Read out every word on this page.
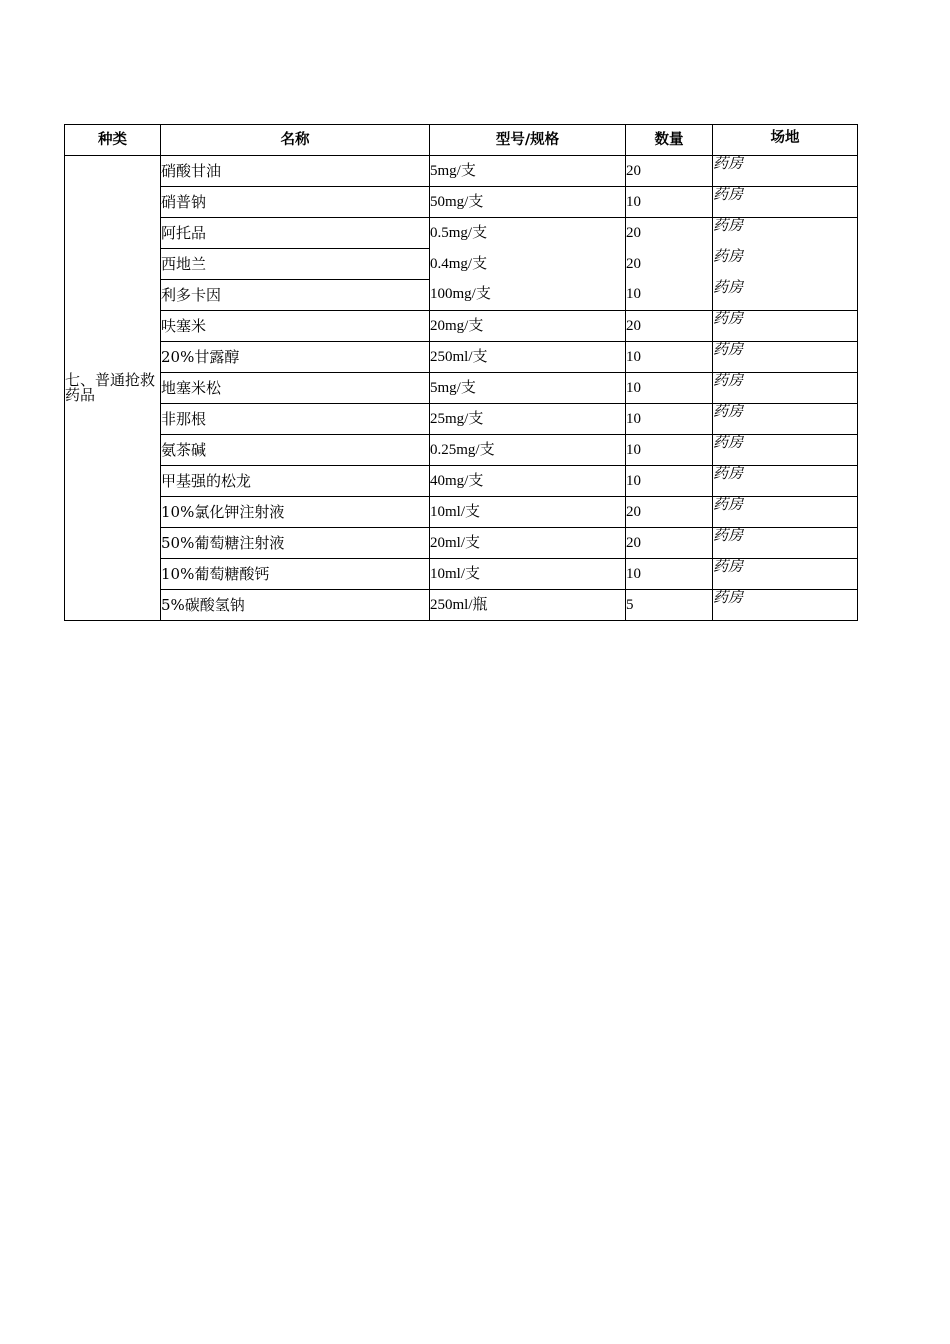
种类	名称	型号/规格	数量	场地
七、普通抢救药品	硝酸甘油	5mg/支	20	药房
	硝普钠	50mg/支	10	药房
	阿托品	0.5mg/支	20	药房
	西地兰	0.4mg/支	20	药房
	利多卡因	100mg/支	10	药房
	呋塞米	20mg/支	20	药房
	20%甘露醇	250ml/支	10	药房
	地塞米松	5mg/支	10	药房
	非那根	25mg/支	10	药房
	氨茶碱	0.25mg/支	10	药房
	甲基强的松龙	40mg/支	10	药房
	10%氯化钾注射液	10ml/支	20	药房
	50%葡萄糖注射液	20ml/支	20	药房
	10%葡萄糖酸钙	10ml/支	10	药房
	5%碳酸氢钠	250ml/瓶	5	药房
